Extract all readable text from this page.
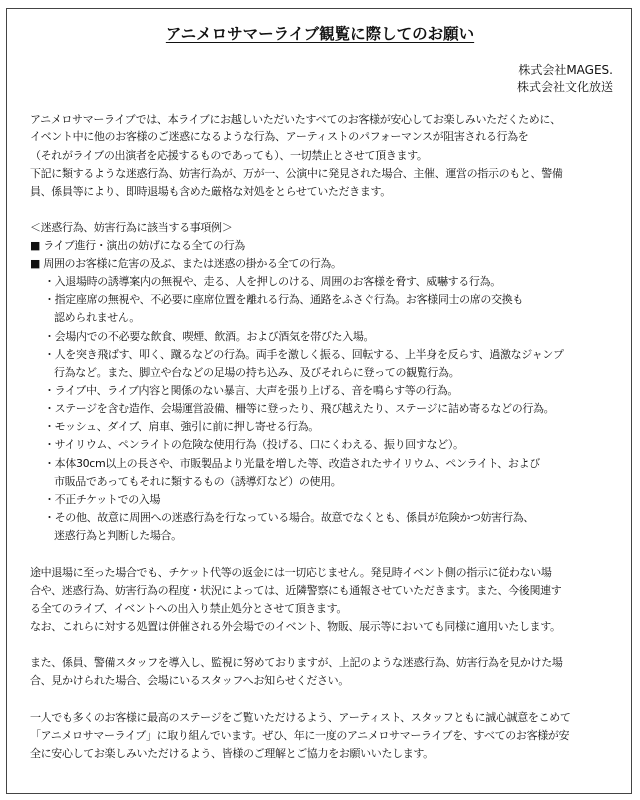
アニメロサマーライブ観覧に際してのお願い
株式会社MAGES.
株式会社文化放送
アニメロサマーライブでは、本ライブにお越しいただいたすべてのお客様が安心してお楽しみいただくために、
イベント中に他のお客様のご迷惑になるような行為、アーティストのパフォーマンスが阻害される行為を
（それがライブの出演者を応援するものであっても）、一切禁止とさせて頂きます。
下記に類するような迷惑行為、妨害行為が、万が一、公演中に発見された場合、主催、運営の指示のもと、警備
員、係員等により、即時退場も含めた厳格な対処をとらせていただきます。
＜迷惑行為、妨害行為に該当する事項例＞
■ ライブ進行・演出の妨げになる全ての行為
■ 周囲のお客様に危害の及ぶ、または迷惑の掛かる全ての行為。
・入退場時の誘導案内の無視や、走る、人を押しのける、周囲のお客様を脅す、威嚇する行為。
・指定座席の無視や、不必要に座席位置を離れる行為、通路をふさぐ行為。お客様同士の席の交換も
認められません。
・会場内での不必要な飲食、喫煙、飲酒。および酒気を帯びた入場。
・人を突き飛ばす、叩く、蹴るなどの行為。両手を激しく振る、回転する、上半身を反らす、過激なジャンプ
行為など。また、脚立や台などの足場の持ち込み、及びそれらに登っての観覧行為。
・ライブ中、ライブ内容と関係のない暴言、大声を張り上げる、音を鳴らす等の行為。
・ステージを含む造作、会場運営設備、柵等に登ったり、飛び越えたり、ステージに詰め寄るなどの行為。
・モッシュ、ダイブ、肩車、強引に前に押し寄せる行為。
・サイリウム、ペンライトの危険な使用行為（投げる、口にくわえる、振り回すなど）。
・本体30cm以上の長さや、市販製品より光量を増した等、改造されたサイリウム、ペンライト、および
市販品であってもそれに類するもの（誘導灯など）の使用。
・不正チケットでの入場
・その他、故意に周囲への迷惑行為を行なっている場合。故意でなくとも、係員が危険かつ妨害行為、
迷惑行為と判断した場合。
途中退場に至った場合でも、チケット代等の返金には一切応じません。発見時イベント側の指示に従わない場
合や、迷惑行為、妨害行為の程度・状況によっては、近隣警察にも通報させていただきます。また、今後関連す
る全てのライブ、イベントへの出入り禁止処分とさせて頂きます。
なお、これらに対する処置は併催される外会場でのイベント、物販、展示等においても同様に適用いたします。
また、係員、警備スタッフを導入し、監視に努めておりますが、上記のような迷惑行為、妨害行為を見かけた場
合、見かけられた場合、会場にいるスタッフへお知らせください。
一人でも多くのお客様に最高のステージをご覧いただけるよう、アーティスト、スタッフともに誠心誠意をこめて
「アニメロサマーライブ」に取り組んでいます。ぜひ、年に一度のアニメロサマーライブを、すべてのお客様が安
全に安心してお楽しみいただけるよう、皆様のご理解とご協力をお願いいたします。
